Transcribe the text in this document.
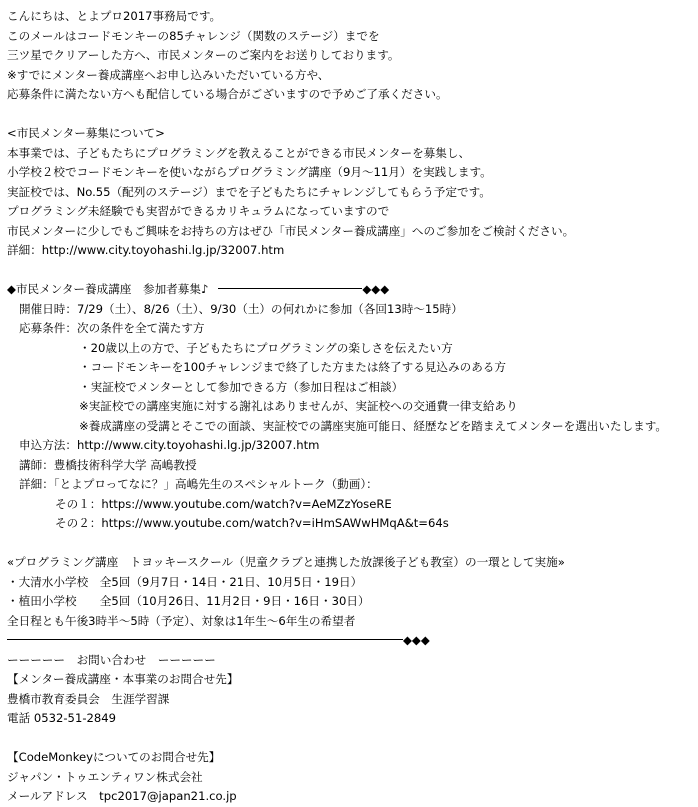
こんにちは、とよプロ2017事務局です。
このメールはコードモンキーの85チャレンジ（関数のステージ）までを
三ツ星でクリアーした方へ、市民メンターのご案内をお送りしております。
※すでにメンター養成講座へお申し込みいただいている方や、
応募条件に満たない方へも配信している場合がございますので予めご了承ください。
<市民メンター募集について>
本事業では、子どもたちにプログラミングを教えることができる市民メンターを募集し、
小学校２校でコードモンキーを使いながらプログラミング講座（9月〜11月）を実践します。
実証校では、No.55（配列のステージ）までを子どもたちにチャレンジしてもらう予定です。
プログラミング未経験でも実習ができるカリキュラムになっていますので
市民メンターに少しでもご興味をお持ちの方はぜひ「市民メンター養成講座」へのご参加をご検討ください。
詳細：http://www.city.toyohashi.lg.jp/32007.htm
◆市民メンター養成講座　参加者募集♪	◆◆◆
開催日時：7/29（土）、8/26（土）、9/30（土）の何れかに参加（各回13時〜15時）
応募条件：次の条件を全て満たす方
・20歳以上の方で、子どもたちにプログラミングの楽しさを伝えたい方
・コードモンキーを100チャレンジまで終了した方または終了する見込みのある方
・実証校でメンターとして参加できる方（参加日程はご相談）
※実証校での講座実施に対する謝礼はありませんが、実証校への交通費一律支給あり
※養成講座の受講とそこでの面談、実証校での講座実施可能日、経歴などを踏まえてメンターを選出いたします。
申込方法：http://www.city.toyohashi.lg.jp/32007.htm
講師：豊橋技術科学大学 高嶋教授
詳細：「とよプロってなに？」高嶋先生のスペシャルトーク（動画）：
その１：https://www.youtube.com/watch?v=AeMZzYoseRE
その２：https://www.youtube.com/watch?v=iHmSAWwHMqA&t=64s
«プログラミング講座　トヨッキースクール（児童クラブと連携した放課後子ども教室）の一環として実施»
・大清水小学校　全5回（9月7日・14日・21日、10月5日・19日）
・植田小学校　　全5回（10月26日、11月2日・9日・16日・30日）
全日程とも午後3時半〜5時（予定）、対象は1年生〜6年生の希望者
◆◆◆
ーーーーー　お問い合わせ　ーーーーー
【メンター養成講座・本事業のお問合せ先】
豊橋市教育委員会　生涯学習課
電話 0532-51-2849
【CodeMonkeyについてのお問合せ先】
ジャパン・トゥエンティワン株式会社
メールアドレス　tpc2017@japan21.co.jp
